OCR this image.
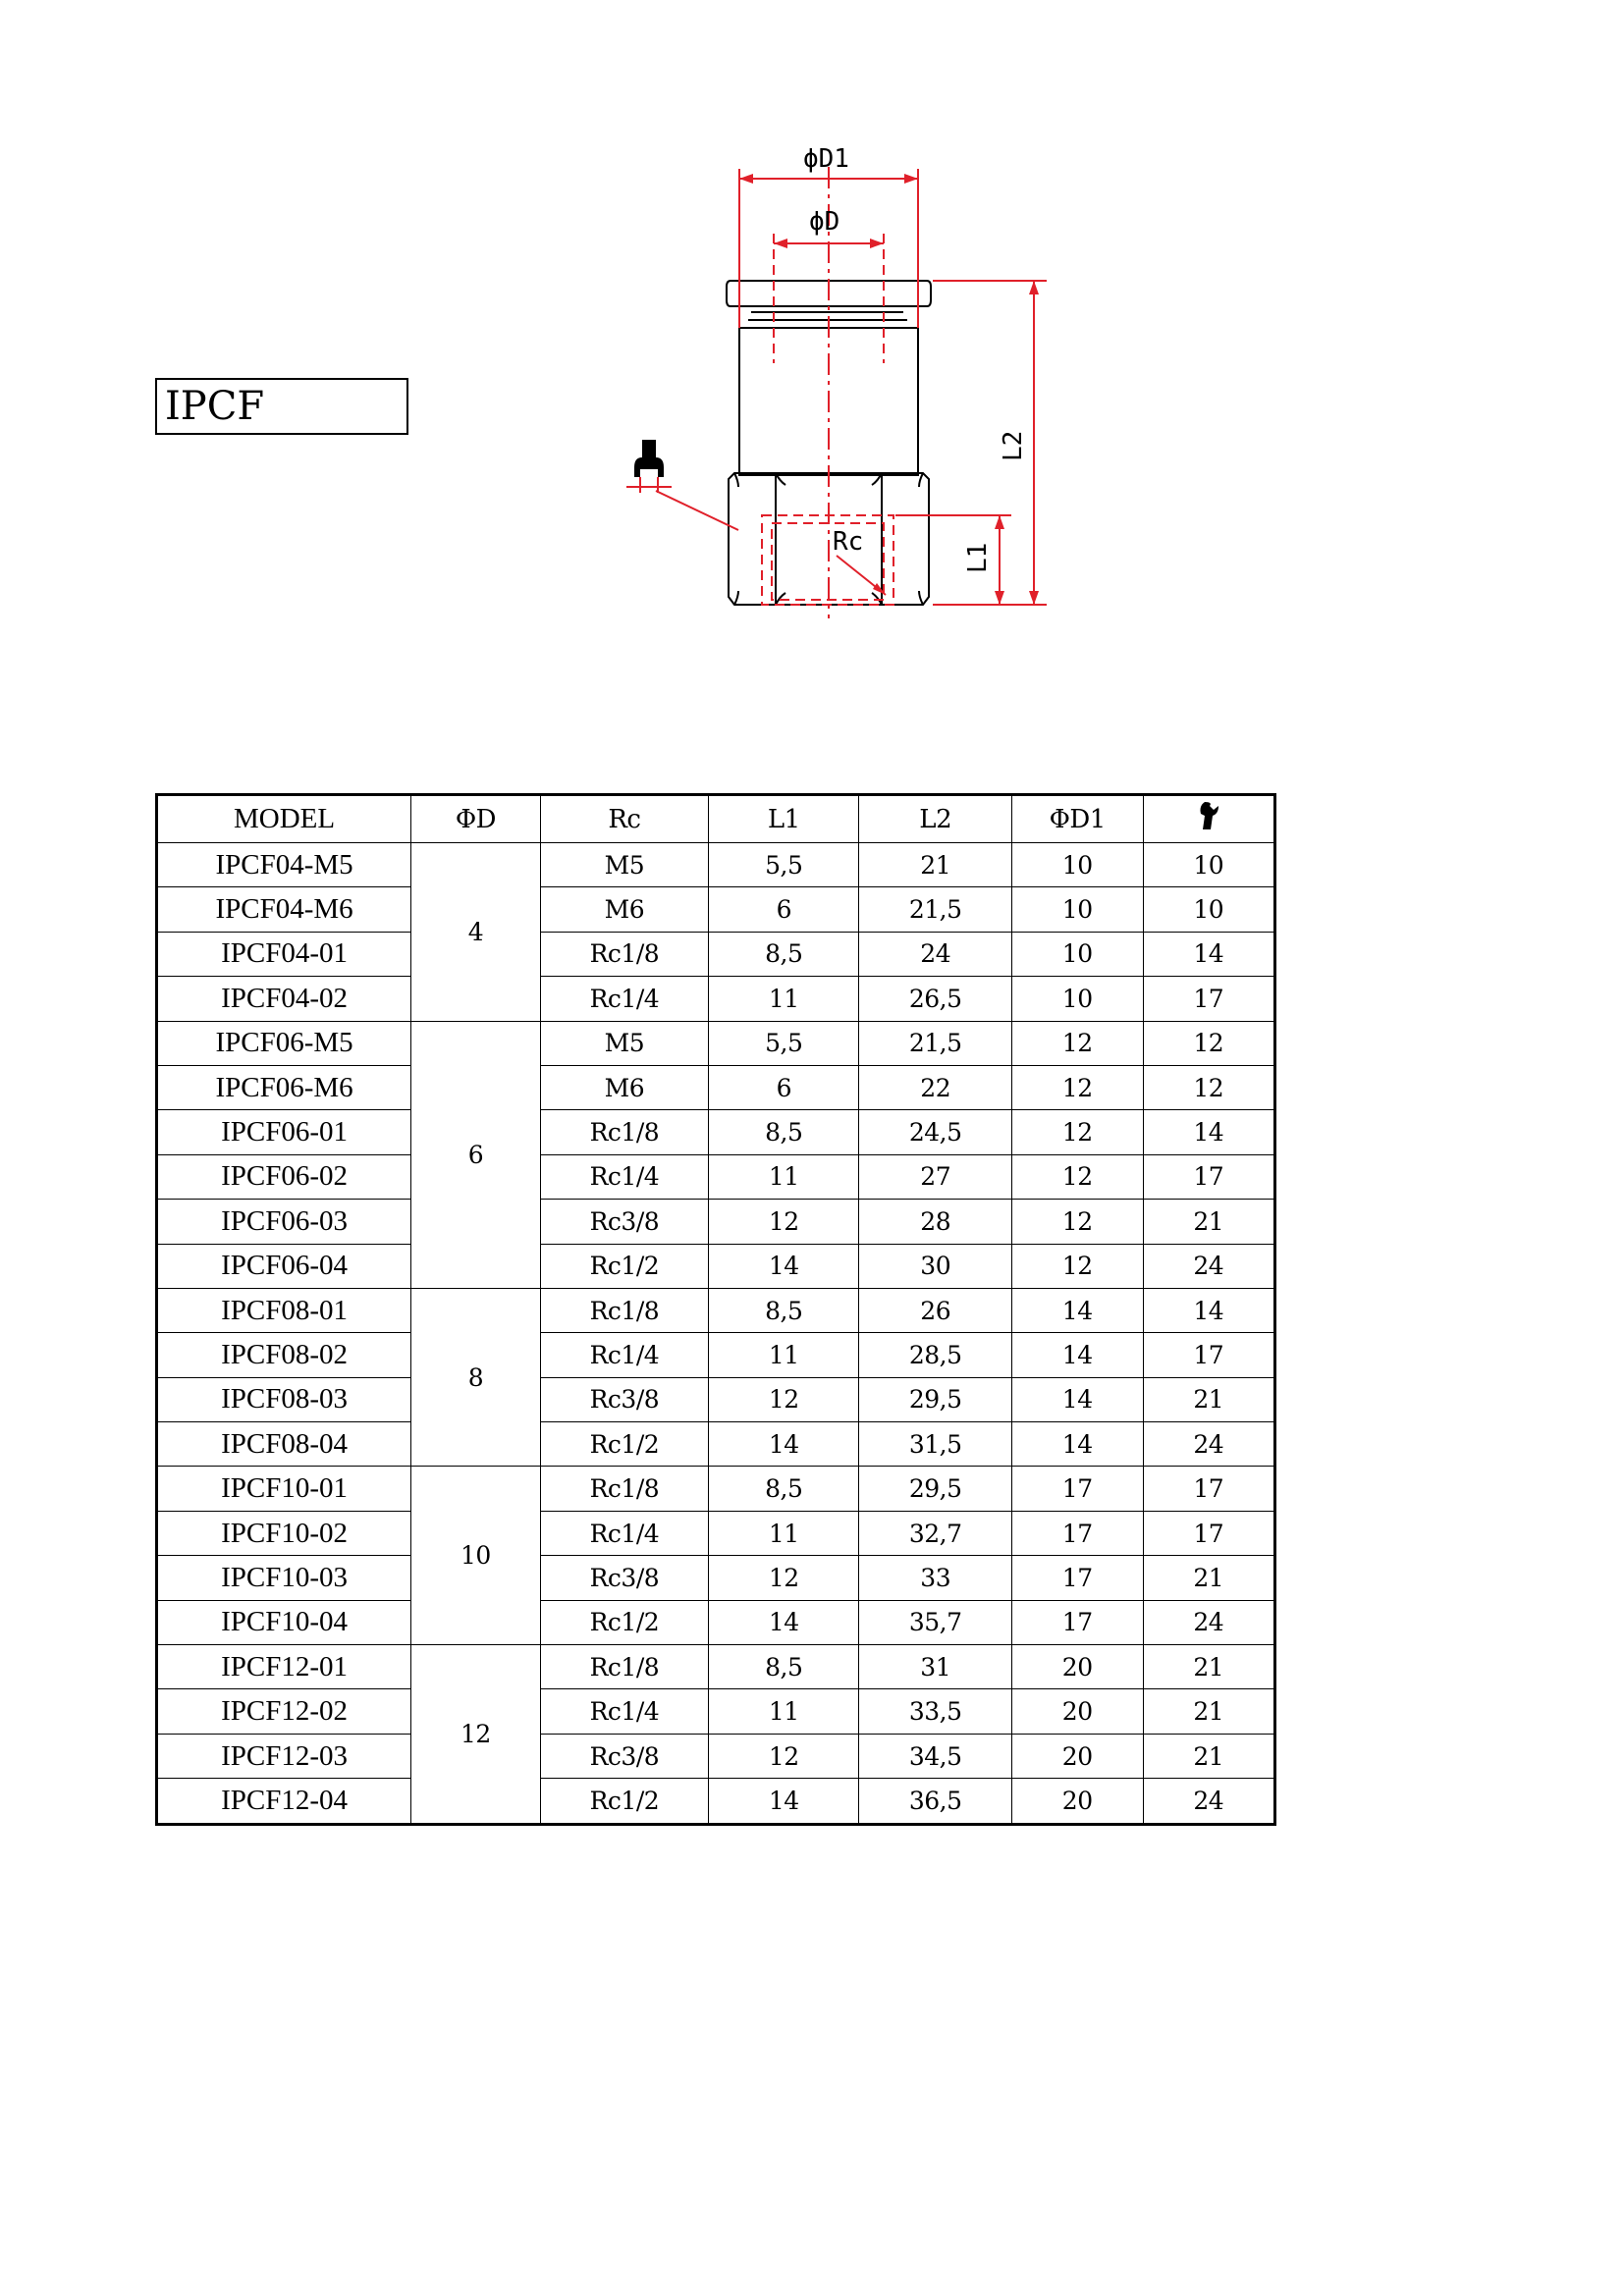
IPCF
ϕD1
ϕD
L2
L1
Rc
MODEL	ΦD	Rc	L1	L2	ΦD1	
IPCF04-M5	4	M5	5,5	21	10	10
IPCF04-M6		M6	6	21,5	10	10
IPCF04-01		Rc1/8	8,5	24	10	14
IPCF04-02		Rc1/4	11	26,5	10	17
IPCF06-M5	6	M5	5,5	21,5	12	12
IPCF06-M6		M6	6	22	12	12
IPCF06-01		Rc1/8	8,5	24,5	12	14
IPCF06-02		Rc1/4	11	27	12	17
IPCF06-03		Rc3/8	12	28	12	21
IPCF06-04		Rc1/2	14	30	12	24
IPCF08-01	8	Rc1/8	8,5	26	14	14
IPCF08-02		Rc1/4	11	28,5	14	17
IPCF08-03		Rc3/8	12	29,5	14	21
IPCF08-04		Rc1/2	14	31,5	14	24
IPCF10-01	10	Rc1/8	8,5	29,5	17	17
IPCF10-02		Rc1/4	11	32,7	17	17
IPCF10-03		Rc3/8	12	33	17	21
IPCF10-04		Rc1/2	14	35,7	17	24
IPCF12-01	12	Rc1/8	8,5	31	20	21
IPCF12-02		Rc1/4	11	33,5	20	21
IPCF12-03		Rc3/8	12	34,5	20	21
IPCF12-04		Rc1/2	14	36,5	20	24
